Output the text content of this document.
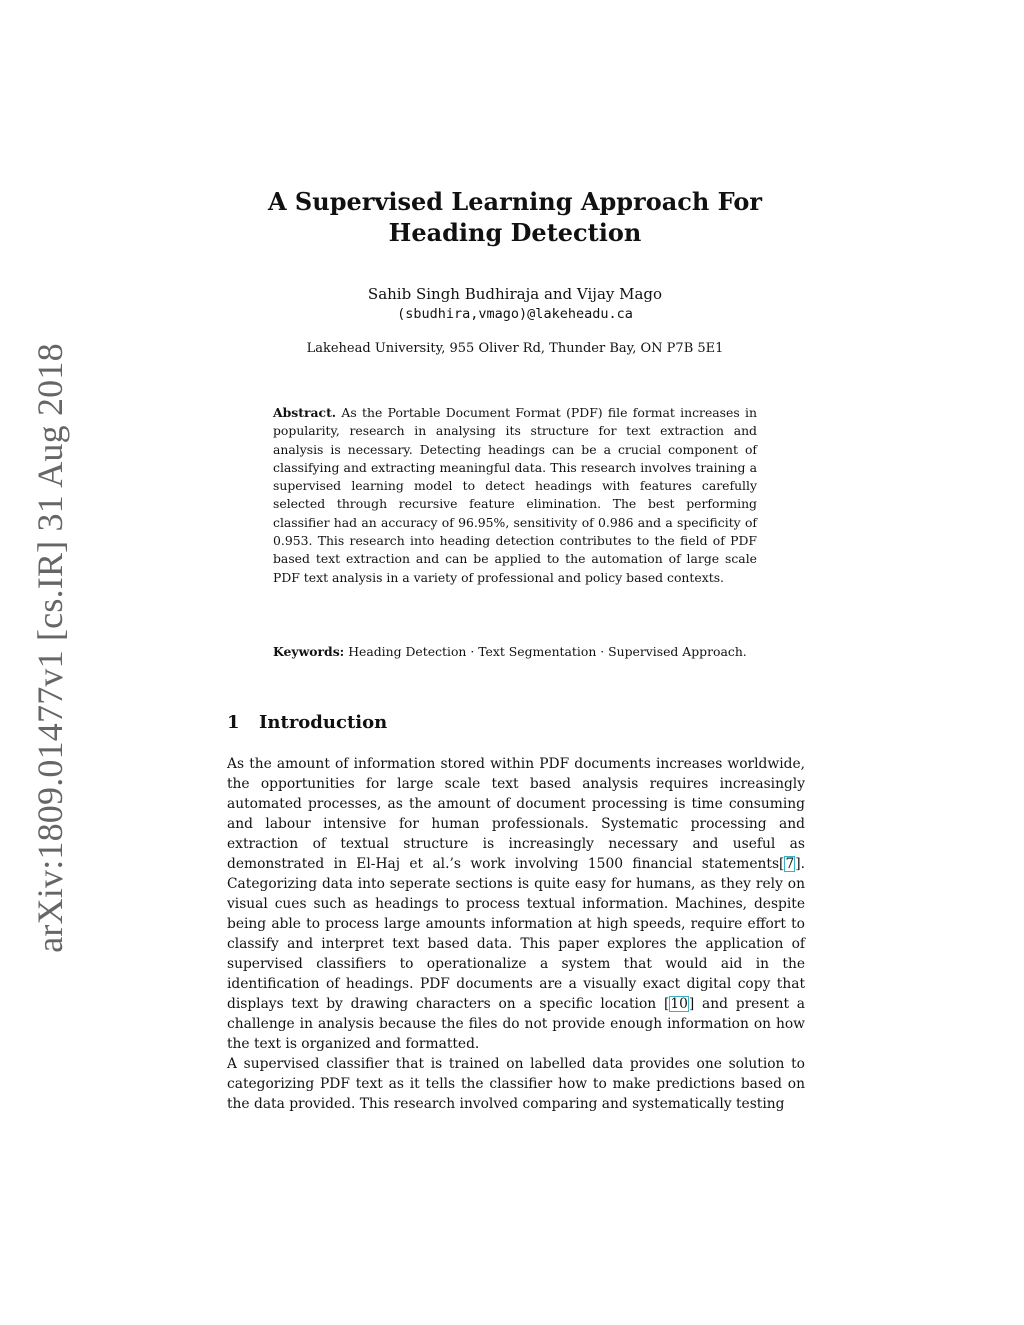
arXiv:1809.01477v1 [cs.IR] 31 Aug 2018
A Supervised Learning Approach For Heading Detection

Sahib Singh Budhiraja and Vijay Mago

(sbudhira,vmago)@lakeheadu.ca
Lakehead University, 955 Oliver Rd, Thunder Bay, ON P7B 5E1

Abstract. As the Portable Document Format (PDF) file format increases in popularity, research in analysing its structure for text extraction and analysis is necessary. Detecting headings can be a crucial component of classifying and extracting meaningful data. This research involves training a supervised learning model to detect headings with features carefully selected through recursive feature elimination. The best performing classifier had an accuracy of 96.95%, sensitivity of 0.986 and a specificity of 0.953. This research into heading detection contributes to the field of PDF based text extraction and can be applied to the automation of large scale PDF text analysis in a variety of professional and policy based contexts.

Keywords: Heading Detection · Text Segmentation · Supervised Approach.

1 Introduction

As the amount of information stored within PDF documents increases worldwide, the opportunities for large scale text based analysis requires increasingly automated processes, as the amount of document processing is time consuming and labour intensive for human professionals. Systematic processing and extraction of textual structure is increasingly necessary and useful as demonstrated in El-Haj et al.’s work involving 1500 financial statements[7]. Categorizing data into seperate sections is quite easy for humans, as they rely on visual cues such as headings to process textual information. Machines, despite being able to process large amounts information at high speeds, require effort to classify and interpret text based data. This paper explores the application of supervised classifiers to operationalize a system that would aid in the identification of headings. PDF documents are a visually exact digital copy that displays text by drawing characters on a specific location [10] and present a challenge in analysis because the files do not provide enough information on how the text is organized and formatted.

A supervised classifier that is trained on labelled data provides one solution to categorizing PDF text as it tells the classifier how to make predictions based on the data provided. This research involved comparing and systematically testing
